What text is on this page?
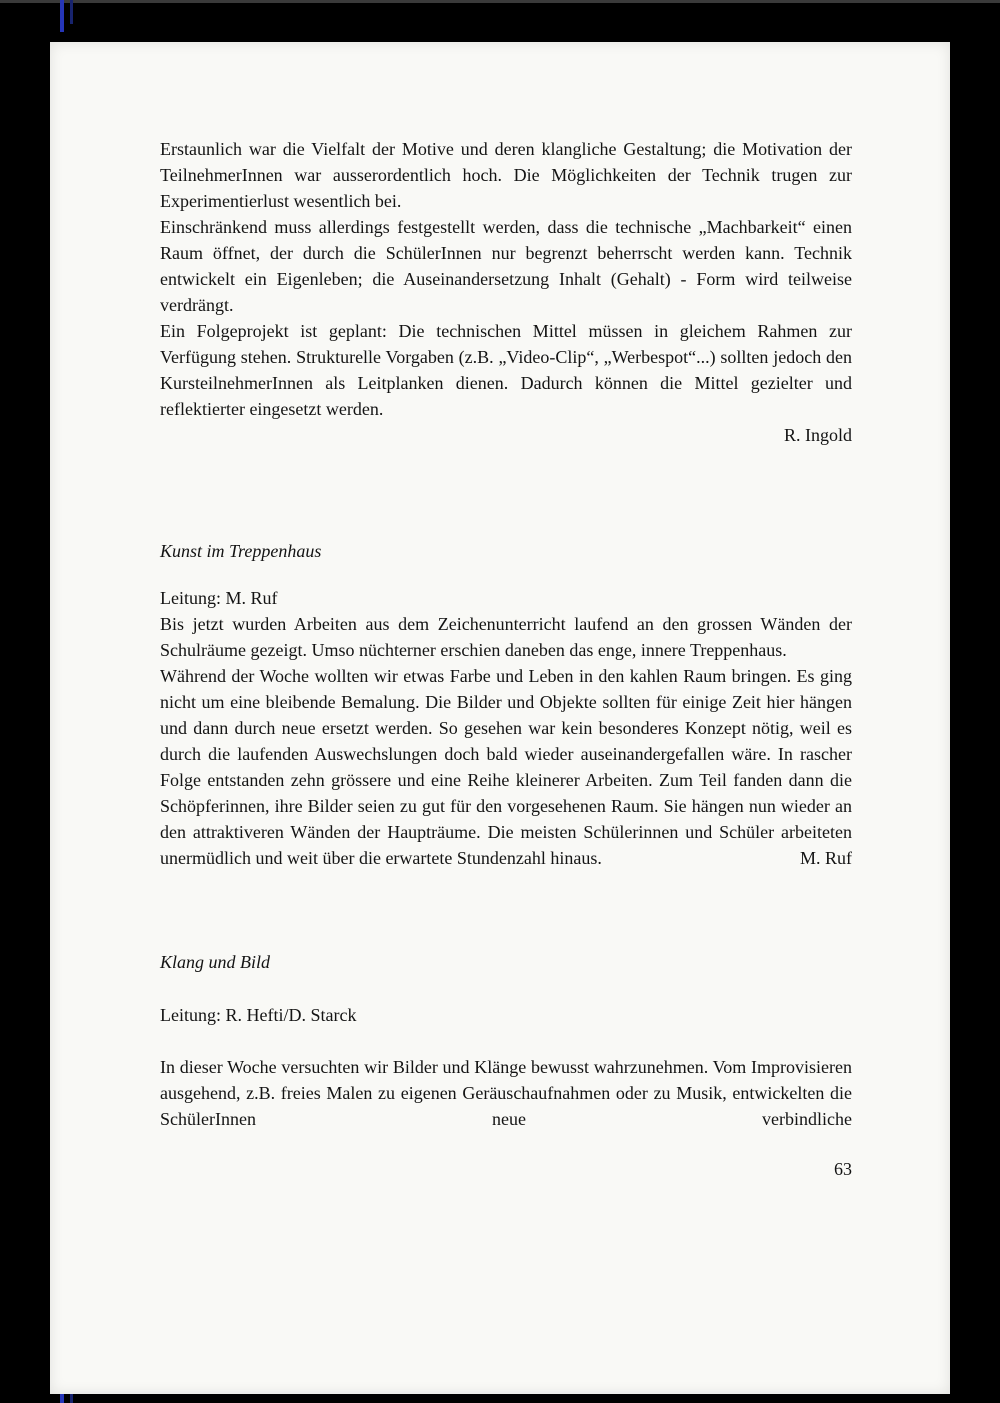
Erstaunlich war die Vielfalt der Motive und deren klangliche Gestaltung; die Motivation der TeilnehmerInnen war ausserordentlich hoch. Die Möglichkeiten der Technik trugen zur Experimentierlust wesentlich bei.

Einschränkend muss allerdings festgestellt werden, dass die technische „Machbarkeit“ einen Raum öffnet, der durch die SchülerInnen nur begrenzt beherrscht werden kann. Technik entwickelt ein Eigenleben; die Auseinandersetzung Inhalt (Gehalt) - Form wird teilweise verdrängt.

Ein Folgeprojekt ist geplant: Die technischen Mittel müssen in gleichem Rahmen zur Verfügung stehen. Strukturelle Vorgaben (z.B. „Video-Clip“, „Werbespot“...) sollten jedoch den KursteilnehmerInnen als Leitplanken dienen. Dadurch können die Mittel gezielter und reflektierter eingesetzt werden.

R. Ingold

Kunst im Treppenhaus

Leitung: M. Ruf

Bis jetzt wurden Arbeiten aus dem Zeichenunterricht laufend an den grossen Wänden der Schulräume gezeigt. Umso nüchterner erschien daneben das enge, innere Treppenhaus.

Während der Woche wollten wir etwas Farbe und Leben in den kahlen Raum bringen. Es ging nicht um eine bleibende Bemalung. Die Bilder und Objekte sollten für einige Zeit hier hängen und dann durch neue ersetzt werden. So gesehen war kein besonderes Konzept nötig, weil es durch die laufenden Auswechslungen doch bald wieder auseinandergefallen wäre. In rascher Folge entstanden zehn grössere und eine Reihe kleinerer Arbeiten. Zum Teil fanden dann die Schöpferinnen, ihre Bilder seien zu gut für den vorgesehenen Raum. Sie hängen nun wieder an den attraktiveren Wänden der Haupträume. Die meisten Schülerinnen und Schüler arbeiteten unermüdlich und weit über die erwartete Stundenzahl hinaus.	M. Ruf
Klang und Bild

Leitung: R. Hefti/D. Starck

In dieser Woche versuchten wir Bilder und Klänge bewusst wahrzunehmen. Vom Improvisieren ausgehend, z.B. freies Malen zu eigenen Geräuschaufnahmen oder zu Musik, entwickelten die SchülerInnen neue verbindliche

63
